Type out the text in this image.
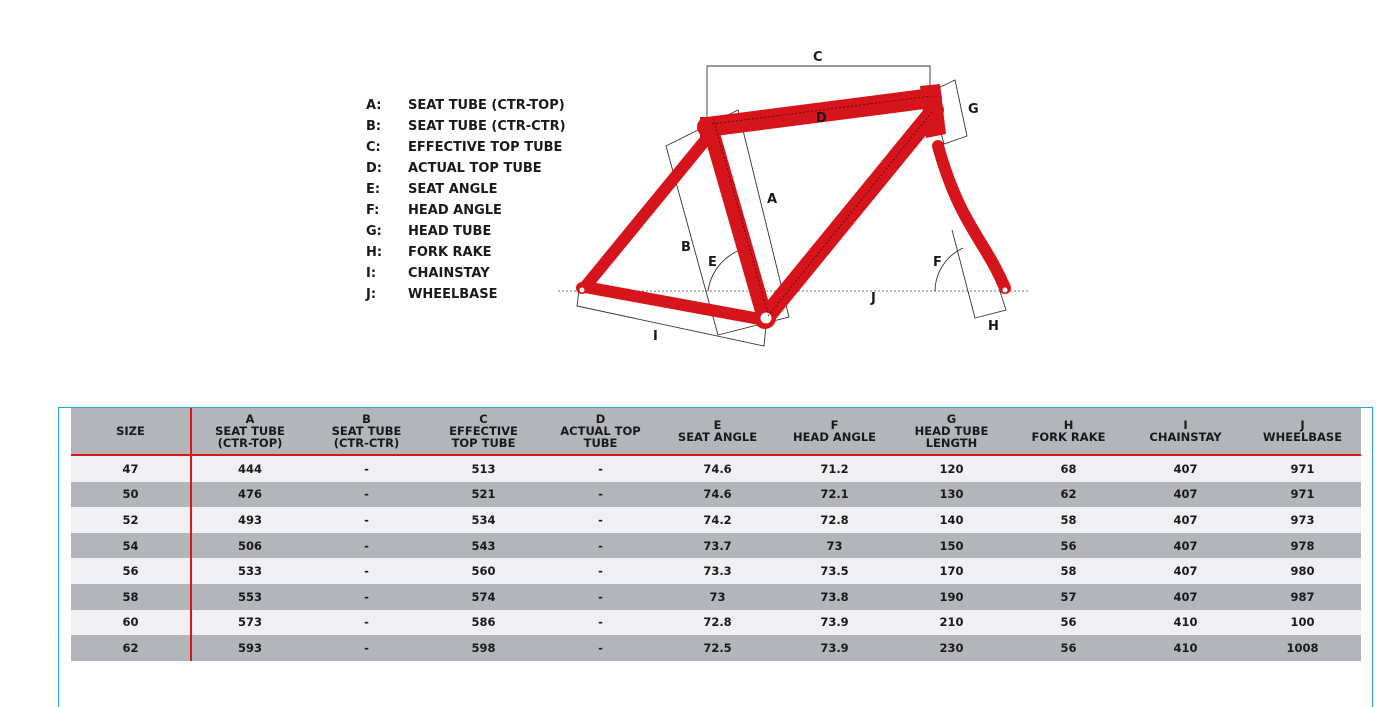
A: SEAT TUBE (CTR-TOP)
B: SEAT TUBE (CTR-CTR)
C: EFFECTIVE TOP TUBE
D: ACTUAL TOP TUBE
E: SEAT ANGLE
F: HEAD ANGLE
G: HEAD TUBE
H: FORK RAKE
I: CHAINSTAY
J: WHEELBASE
C
D
G
A
B
E	F
J
H
I
SIZE	A
SEAT TUBE
(CTR-TOP)	B
SEAT TUBE
(CTR-CTR)	C
EFFECTIVE
TOP TUBE	D
ACTUAL TOP
TUBE	E
SEAT ANGLE	F
HEAD ANGLE	G
HEAD TUBE
LENGTH	H
FORK RAKE	I
CHAINSTAY	J
WHEELBASE

47	444	-	513	-	74.6	71.2	120	68	407	971
50	476	-	521	-	74.6	72.1	130	62	407	971
52	493	-	534	-	74.2	72.8	140	58	407	973
54	506	-	543	-	73.7	73	150	56	407	978
56	533	-	560	-	73.3	73.5	170	58	407	980
58	553	-	574	-	73	73.8	190	57	407	987
60	573	-	586	-	72.8	73.9	210	56	410	100
62	593	-	598	-	72.5	73.9	230	56	410	1008
